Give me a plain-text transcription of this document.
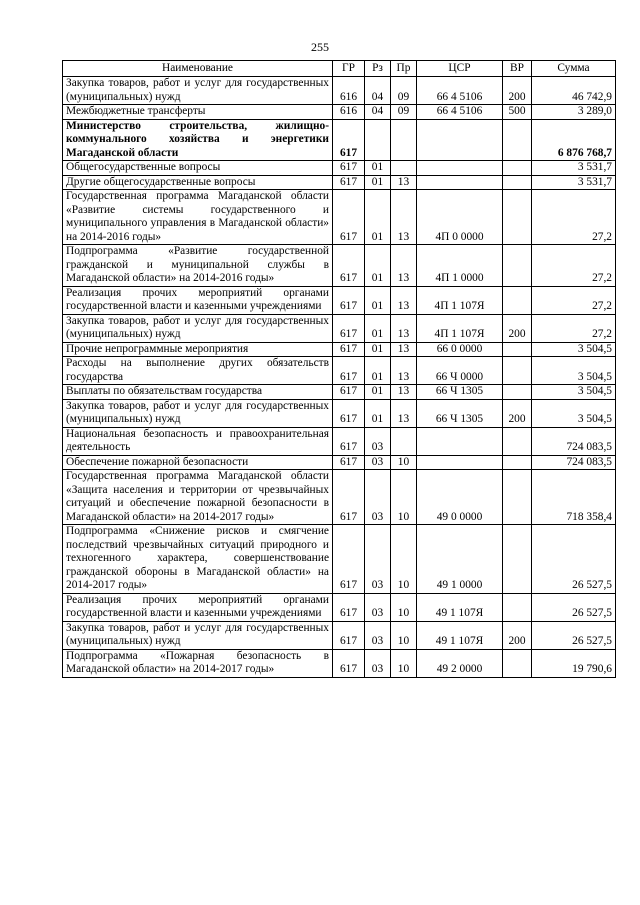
255
Наименование	ГР	Рз	Пр	ЦСР	ВР	Сумма
Закупка товаров, работ и услуг для государственных (муниципальных) нужд	616	04	09	66 4 5106	200	46 742,9
Межбюджетные трансферты	616	04	09	66 4 5106	500	3 289,0
Министерство строительства, жилищно-коммунального хозяйства и энергетики Магаданской области	617					6 876 768,7
Общегосударственные вопросы	617	01				3 531,7
Другие общегосударственные вопросы	617	01	13			3 531,7
Государственная программа Магаданской области «Развитие системы государственного и муниципального управления в Магаданской области» на 2014-2016 годы»	617	01	13	4П 0 0000		27,2
Подпрограмма «Развитие государственной гражданской и муниципальной службы в Магаданской области» на 2014-2016 годы»	617	01	13	4П 1 0000		27,2
Реализация прочих мероприятий органами государственной власти и казенными учреждениями	617	01	13	4П 1 107Я		27,2
Закупка товаров, работ и услуг для государственных (муниципальных) нужд	617	01	13	4П 1 107Я	200	27,2
Прочие непрограммные мероприятия	617	01	13	66 0 0000		3 504,5
Расходы на выполнение других обязательств государства	617	01	13	66 Ч 0000		3 504,5
Выплаты по обязательствам государства	617	01	13	66 Ч 1305		3 504,5
Закупка товаров, работ и услуг для государственных (муниципальных) нужд	617	01	13	66 Ч 1305	200	3 504,5
Национальная безопасность и правоохранительная деятельность	617	03				724 083,5
Обеспечение пожарной безопасности	617	03	10			724 083,5
Государственная программа Магаданской области «Защита населения и территории от чрезвычайных ситуаций и обеспечение пожарной безопасности в Магаданской области» на 2014-2017 годы»	617	03	10	49 0 0000		718 358,4
Подпрограмма «Снижение рисков и смягчение последствий чрезвычайных ситуаций природного и техногенного характера, совершенствование гражданской обороны в Магаданской области» на 2014-2017 годы»	617	03	10	49 1 0000		26 527,5
Реализация прочих мероприятий органами государственной власти и казенными учреждениями	617	03	10	49 1 107Я		26 527,5
Закупка товаров, работ и услуг для государственных (муниципальных) нужд	617	03	10	49 1 107Я	200	26 527,5
Подпрограмма «Пожарная безопасность в Магаданской области» на 2014-2017 годы»	617	03	10	49 2 0000		19 790,6
